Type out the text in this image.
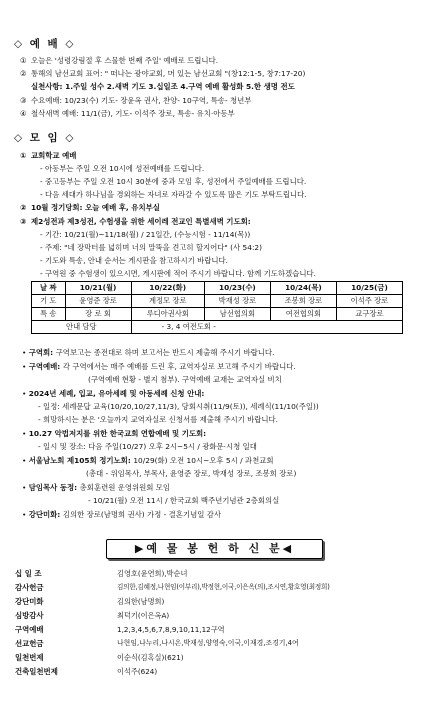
◇ 예 배 ◇
① 오늘은 '성령강림절 후 스물한 번째 주일' 예배로 드립니다.
② 통해의 남선교회 표어: " 떠나는 광야교회, 머 있는 남선교회 "(창12:1-5, 창7:17-20)
실천사항: 1.주일 성수 2.새벽 기도 3.십일조 4.구역 예배 활성화 5.한 생명 전도
③ 수요예배: 10/23(수) 기도- 장윤옥 권사, 찬양- 10구역, 특송- 청년부
④ 철삭새벽 예배: 11/1(금), 기도- 이석주 장로, 특송- 유치·아동부
◇ 모 임 ◇
① 교회학교 예배
- 아동부는 주일 오전 10시에 성전예배를 드립니다.
- 중고등부는 주일 오전 10시 30분에 중과 모임 후, 성전에서 주일예배를 드립니다.
- 다음 세대가 하나님을 경외하는 자녀로 자라갈 수 있도록 많은 기도 부탁드립니다.
② 10월 정기당회: 오늘 예배 후, 유치부실
③ 제2성전과 제3성전, 수험생을 위한 세이레 전교인 특별새벽 기도회:
- 기간: 10/21(월)~11/18(월) / 21일간, (수능시험 - 11/14(목))
- 주제: "네 장막터를 넓히며 너의 말뚝을 견고히 할지어다" (사 54:2)
- 기도와 특송, 안내 순서는 게시판을 참고하시기 바랍니다.
- 구역원 중 수험생이 있으시면, 게시판에 적어 주시기 바랍니다. 함께 기도하겠습니다.
날 짜	10/21(월)	10/22(화)	10/23(수)	10/24(목)	10/25(금)
기 도	윤영준 장로	계정모 장로	박재성 장로	조봉희 장로	이석주 장로
특 송	장 로 회	루디아권사회	남선협의회	여전협의회	교구장로
안내 담당		- 3, 4 여전도회 -			
• 구역회: 구역보고는 종전대로 하며 보고서는 반드시 제출해 주시기 바랍니다.
• 구역예배: 각 구역에서는 매주 예배를 드린 후, 교역자실로 보고해 주시기 바랍니다.
(구역예배 현황 - 별지 첨부). 구역예배 교재는 교역자실 비치
• 2024년 세례, 입교, 유아세례 및 아동세례 신청 안내:
- 일정: 세례문답 교육(10/20,10/27,11/3), 당회시취(11/9(토)), 세례식(11/10(주일))
- 희망하시는 분은 '오늘까지 교역자실로 신청서를 제출해 주시기 바랍니다.
• 10.27 악법저지를 위한 한국교회 연합예배 및 기도회:
- 일시 및 장소: 다음 주일(10/27) 오후 2시~5시 / 광화문·시청 일대
• 서울남노회 제105회 정기노회: 10/29(화) 오전 10시~오후 5시 / 과천교회
(총대 - 위임목사, 부목사, 윤영준 장로, 박재성 장로, 조봉희 장로)
• 담임목사 동정: 총회훈련원 운영위원회 모임
- 10/21(월) 오전 11시 / 한국교회 백주년기념관 2층회의실
• 강단미화: 김의한 장로(남명희 권사) 가정 - 결혼기념일 감사
▶예 물 봉 헌 하 신 분◀
십 일 조	김영호(윤연희),박순녀
감사헌금	김의한,김혜정,나현임(이부리),박정현,이국,이은옥(의),조시연,황호영(최정희)
강단미화	김의한(남명희)
심방감사	최덕기(이은옥A)
구역예배	1,2,3,4,5,6,7,8,9,10,11,12구역
선교헌금	나현임,나누리,나시온,박재성,양영숙,이국,이재경,조경기,4여
일천번제	이순식(김혹실)(621)
건축일천번제	이석주(624)
